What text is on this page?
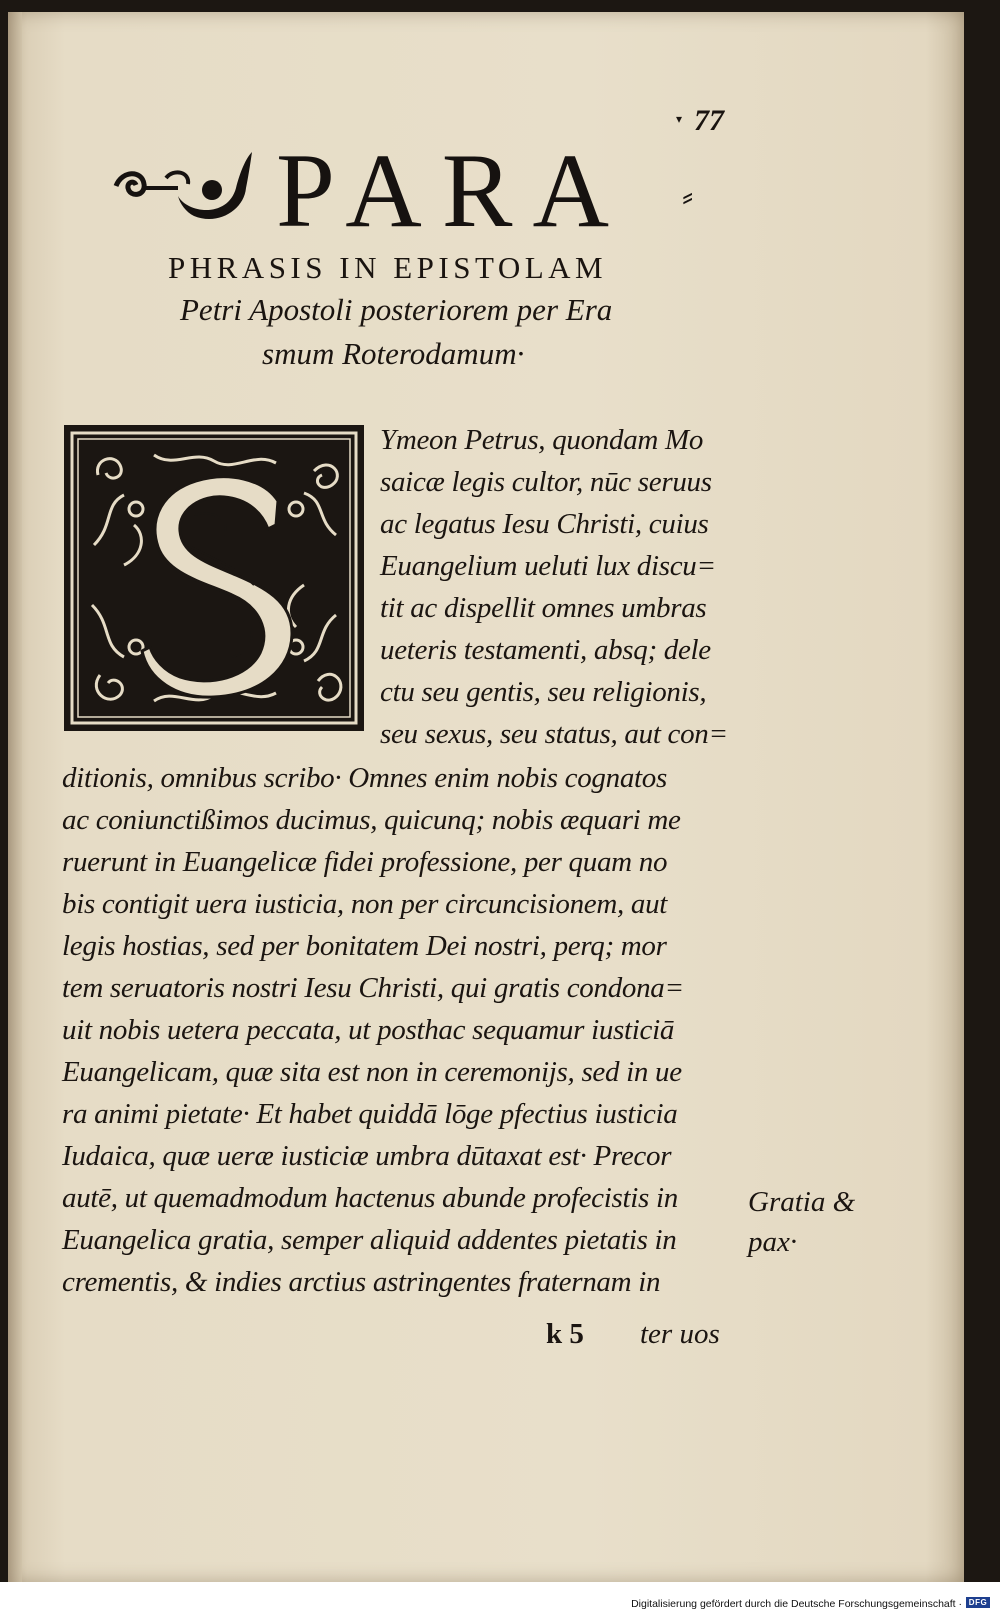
▾ 77
PARA ⸗
PHRASIS IN EPISTOLAM
Petri Apostoli posteriorem per Era
smum Roterodamum·
Ymeon Petrus, quondam Mo
saicæ legis cultor, nūc seruus
ac legatus Iesu Christi, cuius
Euangelium ueluti lux discu=
tit ac dispellit omnes umbras
ueteris testamenti, absq; dele
ctu seu gentis, seu religionis,
seu sexus, seu status, aut con=
ditionis, omnibus scribo· Omnes enim nobis cognatos
ac coniunctißimos ducimus, quicunq; nobis æquari me
ruerunt in Euangelicæ fidei professione, per quam no
bis contigit uera iusticia, non per circuncisionem, aut
legis hostias, sed per bonitatem Dei nostri, perq; mor
tem seruatoris nostri Iesu Christi, qui gratis condona=
uit nobis uetera peccata, ut posthac sequamur iusticiā
Euangelicam, quæ sita est non in ceremonijs, sed in ue
ra animi pietate· Et habet quiddā lōge pfectius iusticia
Iudaica, quæ ueræ iusticiæ umbra dūtaxat est· Precor
autē, ut quemadmodum hactenus abunde profecistis in
Euangelica gratia, semper aliquid addentes pietatis in
crementis, & indies arctius astringentes fraternam in
Gratia &
pax·
k 5 ter uos
Digitalisierung gefördert durch die Deutsche Forschungsgemeinschaft · DFG
